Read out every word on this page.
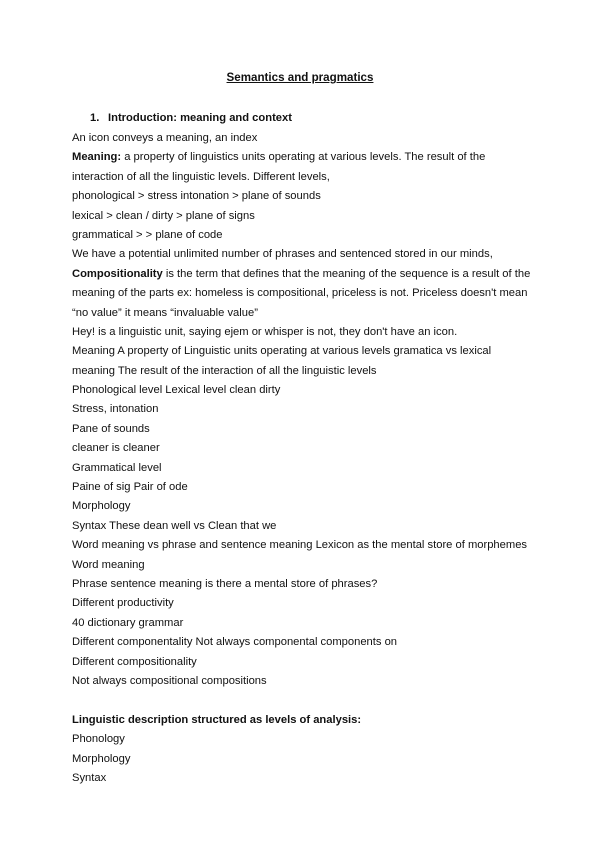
Semantics and pragmatics
1. Introduction: meaning and context
An icon conveys a meaning, an index
Meaning: a property of linguistics units operating at various levels. The result of the
interaction of all the linguistic levels. Different levels,
phonological > stress intonation > plane of sounds
lexical > clean / dirty > plane of signs
grammatical > > plane of code
We have a potential unlimited number of phrases and sentenced stored in our minds,
Compositionality is the term that defines that the meaning of the sequence is a result of the
meaning of the parts ex: homeless is compositional, priceless is not. Priceless doesn't mean
“no value” it means “invaluable value”
Hey! is a linguistic unit, saying ejem or whisper is not, they don't have an icon.
Meaning A property of Linguistic units operating at various levels gramatica vs lexical
meaning The result of the interaction of all the linguistic levels
Phonological level Lexical level clean dirty
Stress, intonation
Pane of sounds
cleaner is cleaner
Grammatical level
Paine of sig Pair of ode
Morphology
Syntax These dean well vs Clean that we
Word meaning vs phrase and sentence meaning Lexicon as the mental store of morphemes
Word meaning
Phrase sentence meaning is there a mental store of phrases?
Different productivity
40 dictionary grammar
Different componentality Not always componental components on
Different compositionality
Not always compositional compositions
Linguistic description structured as levels of analysis:
Phonology
Morphology
Syntax
